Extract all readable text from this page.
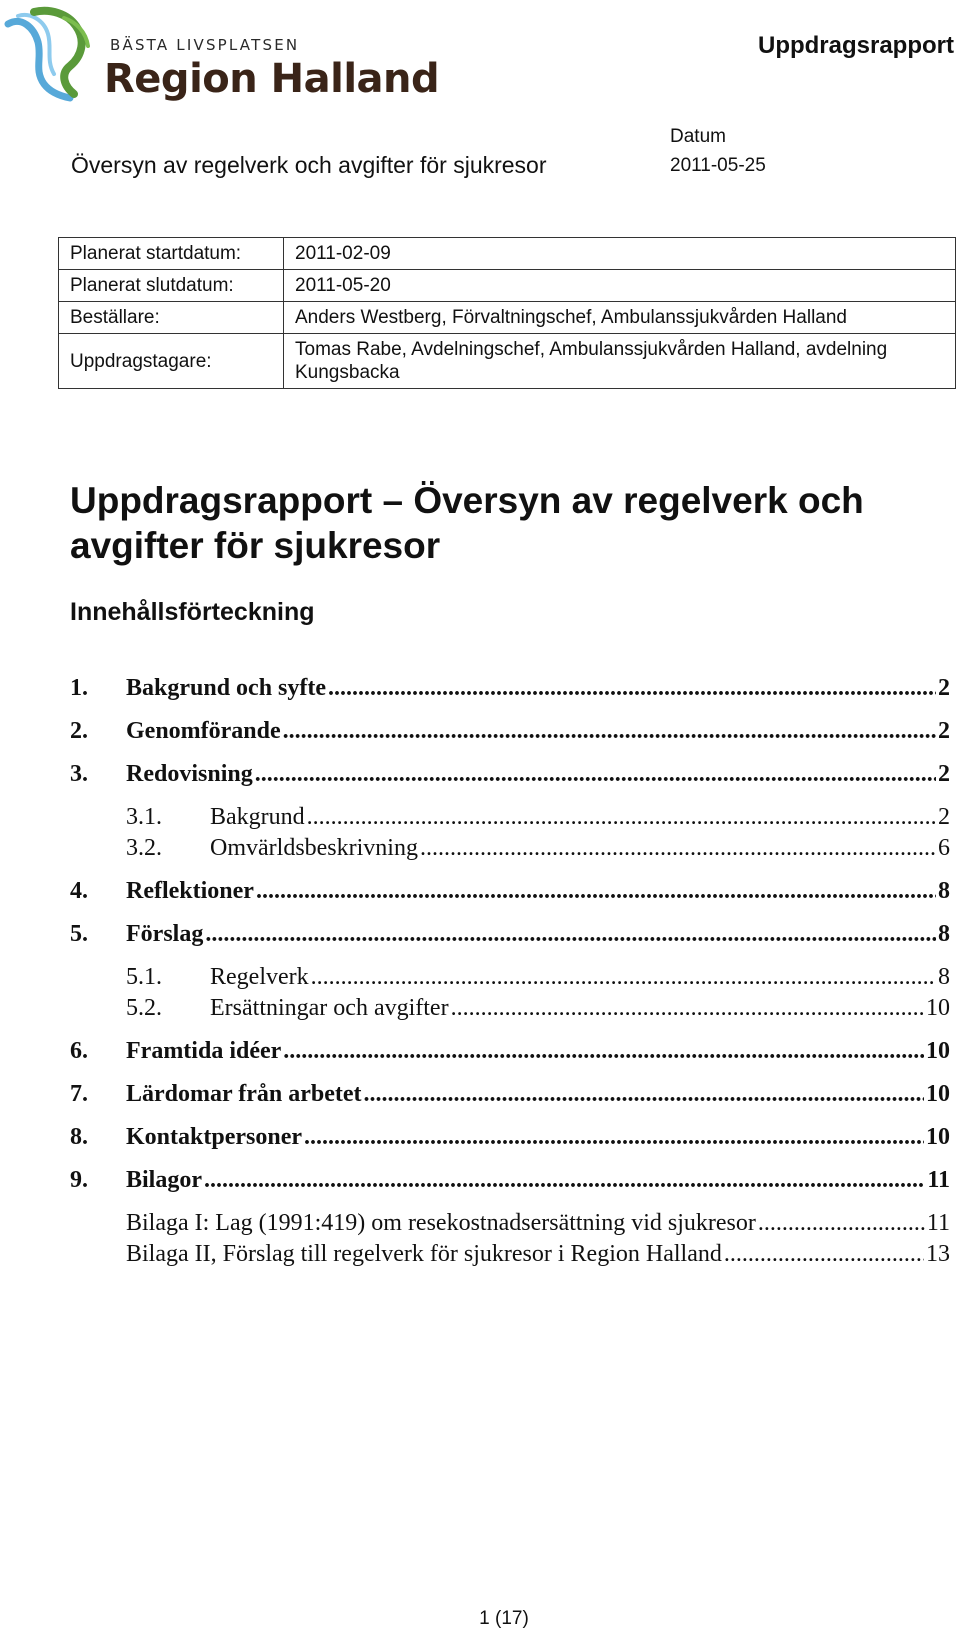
BÄSTA LIVSPLATSEN
Region Halland
Uppdragsrapport
Översyn av regelverk och avgifter för sjukresor
Datum
2011-05-25
Planerat startdatum:	2011-02-09
Planerat slutdatum:	2011-05-20
Beställare:	Anders Westberg, Förvaltningschef, Ambulanssjukvården Halland
Uppdragstagare:	Tomas Rabe, Avdelningschef, Ambulanssjukvården Halland, avdelning Kungsbacka
Uppdragsrapport – Översyn av regelverk och avgifter för sjukresor
Innehållsförteckning
1.	Bakgrund och syfte .....	2
2.	Genomförande .....	2
3.	Redovisning .....	2
3.1.	Bakgrund .....	2
3.2.	Omvärldsbeskrivning .....	6
4.	Reflektioner .....	8
5.	Förslag .....	8
5.1.	Regelverk .....	8
5.2.	Ersättningar och avgifter .....	10
6.	Framtida idéer .....	10
7.	Lärdomar från arbetet .....	10
8.	Kontaktpersoner .....	10
9.	Bilagor .....	11
Bilaga I: Lag (1991:419) om resekostnadsersättning vid sjukresor .....	11
Bilaga II, Förslag till regelverk för sjukresor i Region Halland .....	13
1 (17)
